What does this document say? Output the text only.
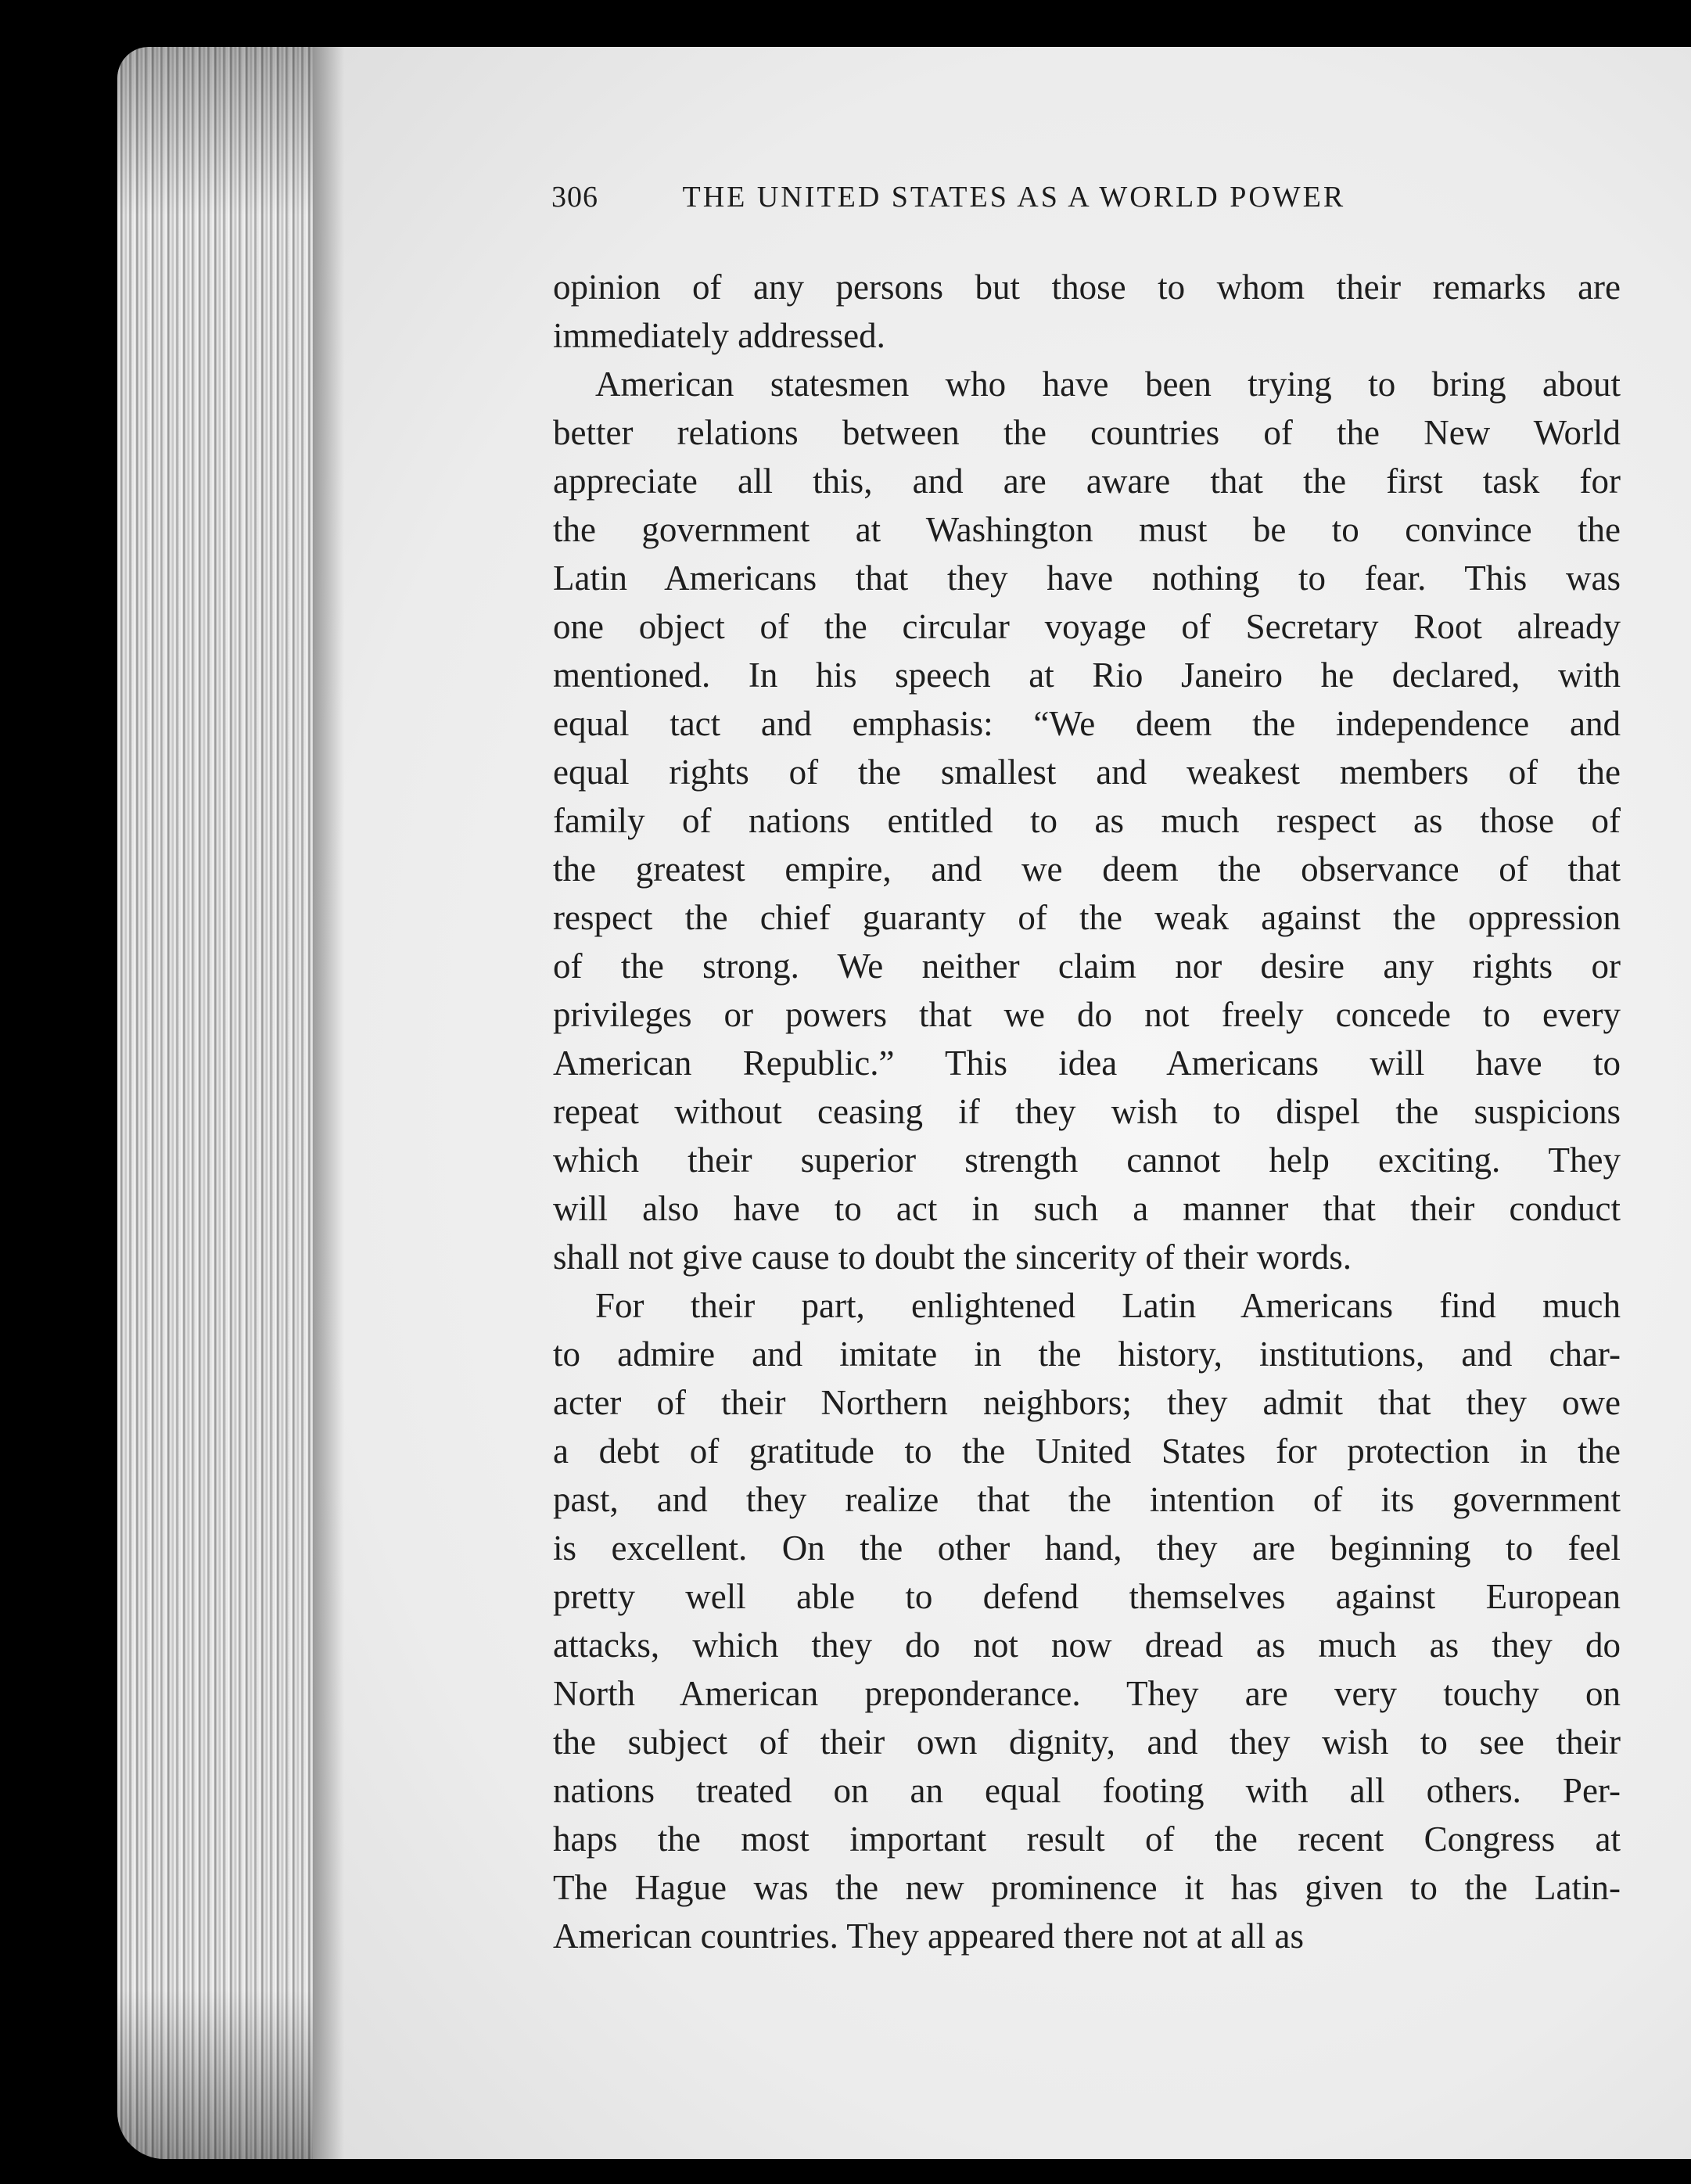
306	THE UNITED STATES AS A WORLD POWER
opinion of any persons but those to whom their remarks are
immediately addressed.
American statesmen who have been trying to bring about
better relations between the countries of the New World
appreciate all this, and are aware that the first task for
the government at Washington must be to convince the
Latin Americans that they have nothing to fear. This was
one object of the circular voyage of Secretary Root already
mentioned. In his speech at Rio Janeiro he declared, with
equal tact and emphasis: “We deem the independence and
equal rights of the smallest and weakest members of the
family of nations entitled to as much respect as those of
the greatest empire, and we deem the observance of that
respect the chief guaranty of the weak against the oppression
of the strong. We neither claim nor desire any rights or
privileges or powers that we do not freely concede to every
American Republic.” This idea Americans will have to
repeat without ceasing if they wish to dispel the suspicions
which their superior strength cannot help exciting. They
will also have to act in such a manner that their conduct
shall not give cause to doubt the sincerity of their words.
For their part, enlightened Latin Americans find much
to admire and imitate in the history, institutions, and char-
acter of their Northern neighbors; they admit that they owe
a debt of gratitude to the United States for protection in the
past, and they realize that the intention of its government
is excellent. On the other hand, they are beginning to feel
pretty well able to defend themselves against European
attacks, which they do not now dread as much as they do
North American preponderance. They are very touchy on
the subject of their own dignity, and they wish to see their
nations treated on an equal footing with all others. Per-
haps the most important result of the recent Congress at
The Hague was the new prominence it has given to the Latin-
American countries. They appeared there not at all as
